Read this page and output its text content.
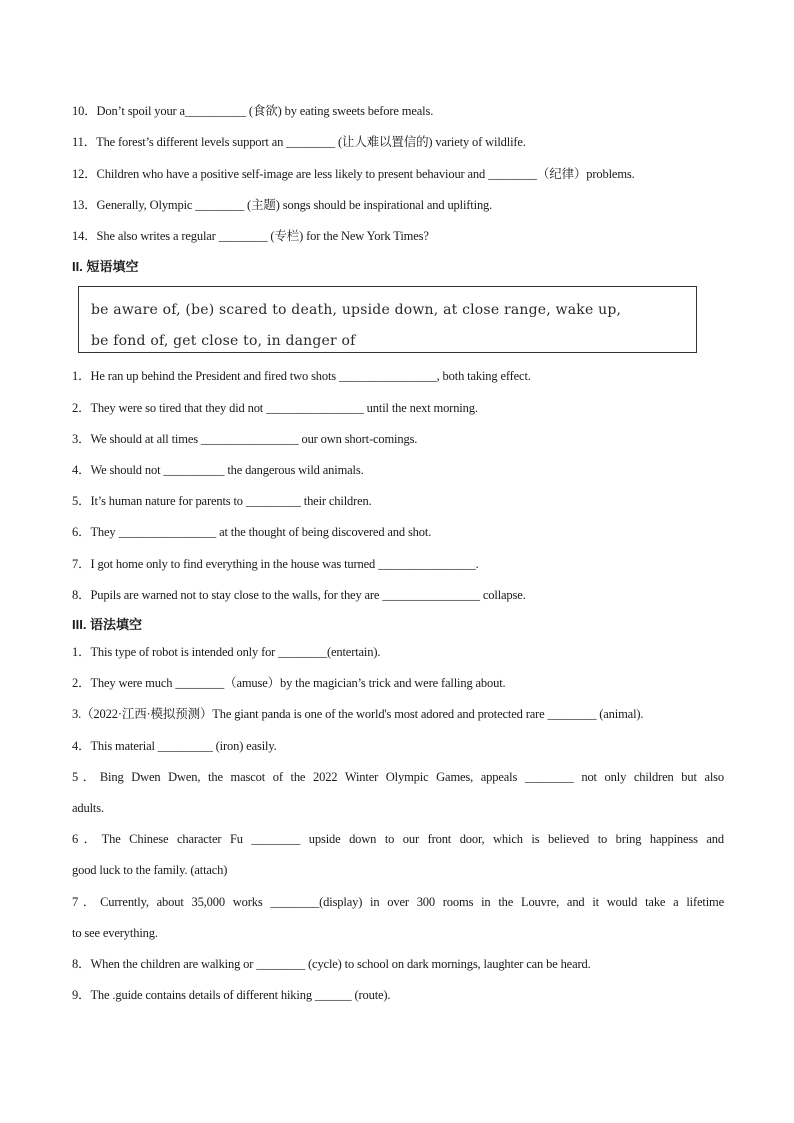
10．Don’t spoil your a__________ (食欲) by eating sweets before meals.
11．The forest’s different levels support an ________ (让人难以置信的) variety of wildlife.
12．Children who have a positive self-image are less likely to present behaviour and ________（纪律）problems.
13．Generally, Olympic ________ (主题) songs should be inspirational and uplifting.
14．She also writes a regular ________ (专栏) for the New York Times?
II. 短语填空
be aware of, (be) scared to death, upside down, at close range, wake up,
be fond of, get close to, in danger of
1．He ran up behind the President and fired two shots ________________, both taking effect.
2．They were so tired that they did not ________________ until the next morning.
3．We should at all times ________________ our own short-comings.
4．We should not __________ the dangerous wild animals.
5．It’s human nature for parents to _________ their children.
6．They ________________ at the thought of being discovered and shot.
7．I got home only to find everything in the house was turned ________________.
8．Pupils are warned not to stay close to the walls, for they are ________________ collapse.
III. 语法填空
1．This type of robot is intended only for ________(entertain).
2．They were much ________（amuse）by the magician’s trick and were falling about.
3.（2022·江西·模拟预测）The giant panda is one of the world's most adored and protected rare ________ (animal).
4．This material _________ (iron) easily.
5．Bing Dwen Dwen, the mascot of the 2022 Winter Olympic Games, appeals ________ not only children but also
adults.
6．The Chinese character Fu ________ upside down to our front door, which is believed to bring happiness and
good luck to the family. (attach)
7．Currently, about 35,000 works ________(display) in over 300 rooms in the Louvre, and it would take a lifetime
to see everything.
8．When the children are walking or ________ (cycle) to school on dark mornings, laughter can be heard.
9．The .guide contains details of different hiking ______ (route).
